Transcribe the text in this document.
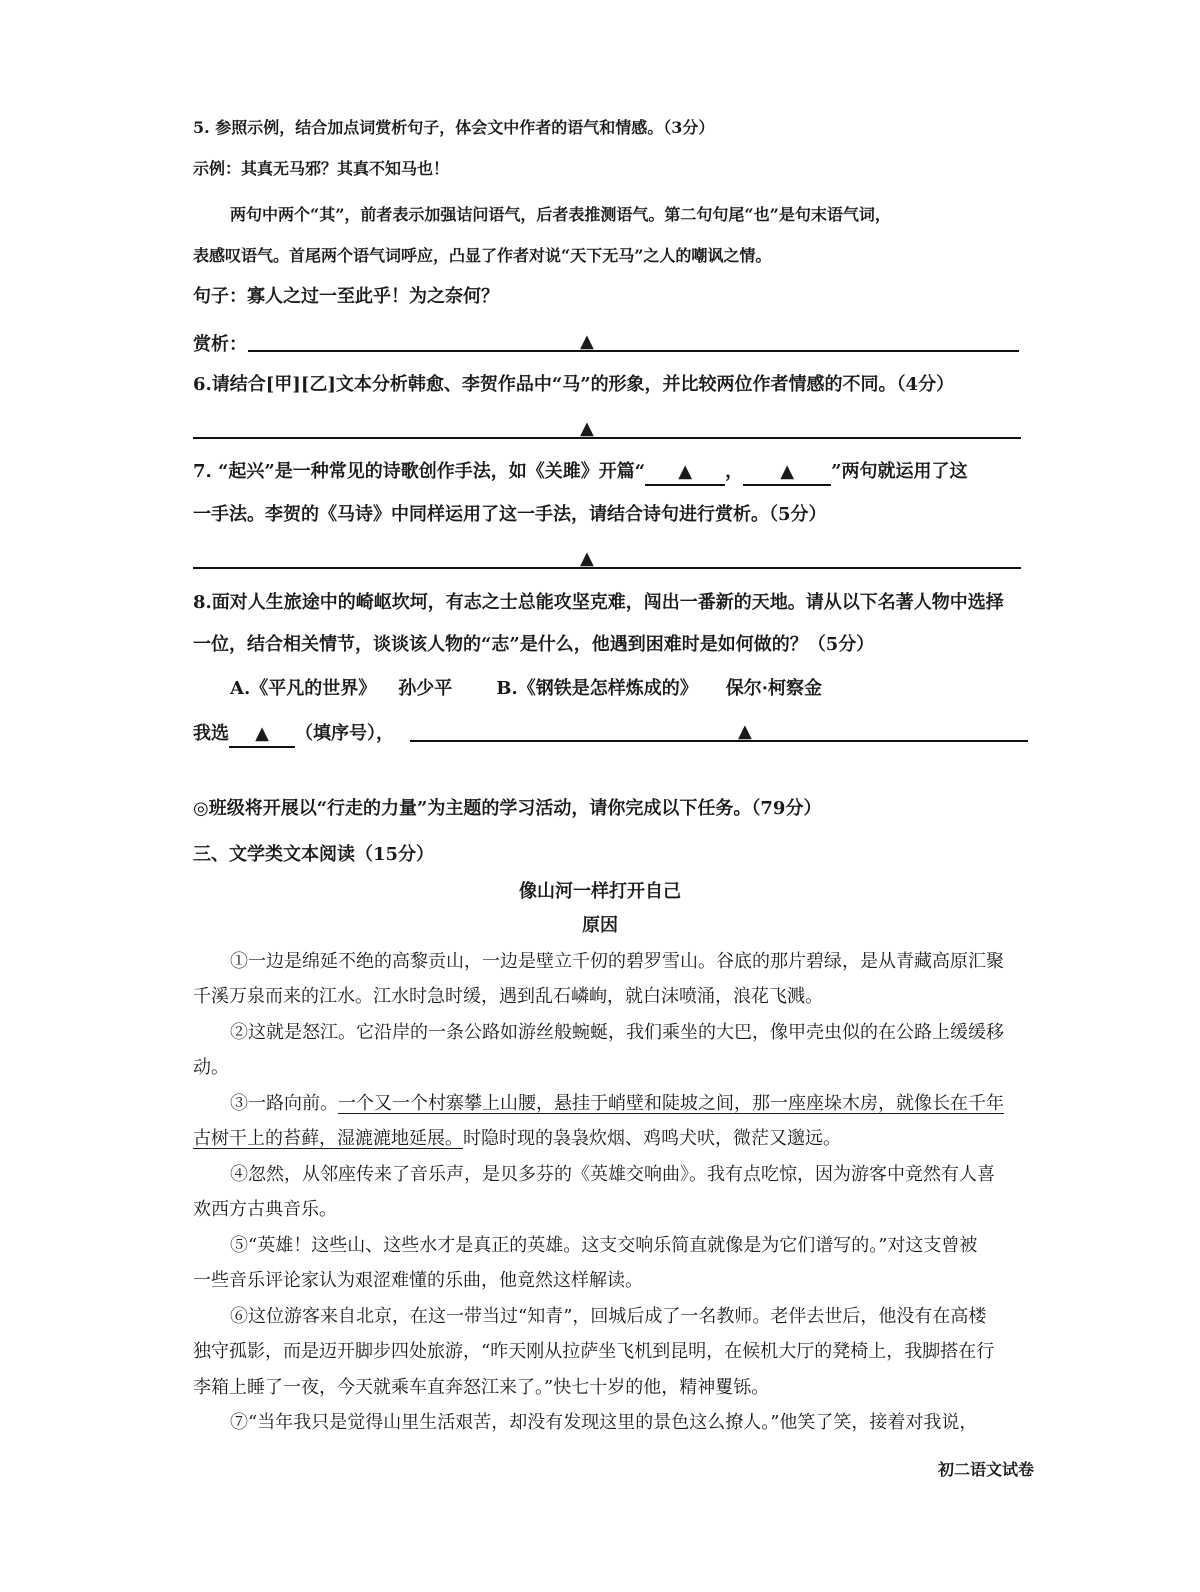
5. 参照示例，结合加点词赏析句子，体会文中作者的语气和情感。（3分）
示例：其真无马邪？其真不知马也！
两句中两个“其”，前者表示加强诘问语气，后者表推测语气。第二句句尾“也”是句末语气词，
表感叹语气。首尾两个语气词呼应，凸显了作者对说“天下无马”之人的嘲讽之情。
句子：寡人之过一至此乎！为之奈何？
赏析：	▲
6.请结合[甲][乙]文本分析韩愈、李贺作品中“马”的形象，并比较两位作者情感的不同。（4分）
▲
7. “起兴”是一种常见的诗歌创作手法，如《关雎》开篇“ ▲ ， ▲ ”两句就运用了这
一手法。李贺的《马诗》中同样运用了这一手法，请结合诗句进行赏析。（5分）
▲
8.面对人生旅途中的崎岖坎坷，有志之士总能攻坚克难，闯出一番新的天地。请从以下名著人物中选择
一位，结合相关情节，谈谈该人物的“志”是什么，他遇到困难时是如何做的？（5分）
A.《平凡的世界》 孙少平 B.《钢铁是怎样炼成的》 保尔·柯察金
我选 ▲ （填序号），	▲
◎班级将开展以“行走的力量”为主题的学习活动，请你完成以下任务。（79分）
三、文学类文本阅读（15分）
像山河一样打开自己
原因
①一边是绵延不绝的高黎贡山，一边是壁立千仞的碧罗雪山。谷底的那片碧绿，是从青藏高原汇聚
千溪万泉而来的江水。江水时急时缓，遇到乱石嶙峋，就白沫喷涌，浪花飞溅。
②这就是怒江。它沿岸的一条公路如游丝般蜿蜒，我们乘坐的大巴，像甲壳虫似的在公路上缓缓移
动。
③一路向前。一个又一个村寨攀上山腰，悬挂于峭壁和陡坡之间，那一座座垛木房，就像长在千年
古树干上的苔藓，湿漉漉地延展。时隐时现的袅袅炊烟、鸡鸣犬吠，微茫又邈远。
④忽然，从邻座传来了音乐声，是贝多芬的《英雄交响曲》。我有点吃惊，因为游客中竟然有人喜
欢西方古典音乐。
⑤“英雄！这些山、这些水才是真正的英雄。这支交响乐简直就像是为它们谱写的。”对这支曾被
一些音乐评论家认为艰涩难懂的乐曲，他竟然这样解读。
⑥这位游客来自北京，在这一带当过“知青”，回城后成了一名教师。老伴去世后，他没有在高楼
独守孤影，而是迈开脚步四处旅游，“昨天刚从拉萨坐飞机到昆明，在候机大厅的凳椅上，我脚搭在行
李箱上睡了一夜，今天就乘车直奔怒江来了。”快七十岁的他，精神矍铄。
⑦“当年我只是觉得山里生活艰苦，却没有发现这里的景色这么撩人。”他笑了笑，接着对我说，
初二语文试卷
